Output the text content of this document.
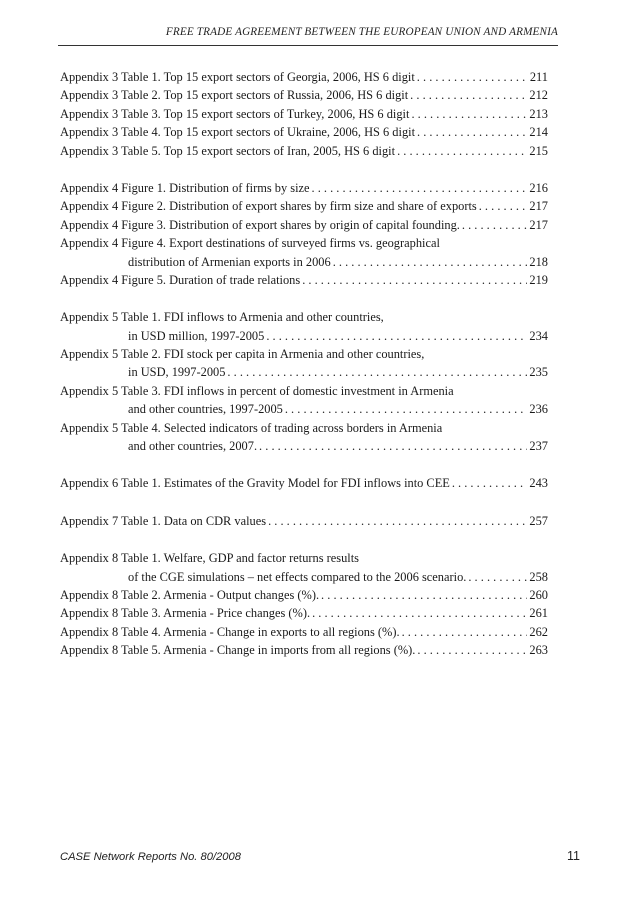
FREE TRADE AGREEMENT BETWEEN THE EUROPEAN UNION AND ARMENIA
Appendix 3 Table 1. Top 15 export sectors of Georgia, 2006, HS 6 digit . . .	211
Appendix 3 Table 2. Top 15 export sectors of Russia, 2006, HS 6 digit . . .	212
Appendix 3 Table 3. Top 15 export sectors of Turkey, 2006, HS 6 digit . . .	213
Appendix 3 Table 4. Top 15 export sectors of Ukraine, 2006, HS 6 digit . . .	214
Appendix 3 Table 5. Top 15 export sectors of Iran, 2005, HS 6 digit . . .	215
Appendix 4 Figure 1. Distribution of firms by size . . .	216
Appendix 4 Figure 2. Distribution of export shares by firm size and share of exports . . .	217
Appendix 4 Figure 3. Distribution of export shares by origin of capital founding. . . .	217
Appendix 4 Figure 4. Export destinations of surveyed firms vs. geographical
distribution of Armenian exports in 2006 . . .	218
Appendix 4 Figure 5. Duration of trade relations . . .	219
Appendix 5 Table 1. FDI inflows to Armenia and other countries,
in USD million, 1997-2005 . . .	234
Appendix 5 Table 2. FDI stock per capita in Armenia and other countries,
in USD, 1997-2005 . . .	235
Appendix 5 Table 3. FDI inflows in percent of domestic investment in Armenia
and other countries, 1997-2005 . . .	236
Appendix 5 Table 4. Selected indicators of trading across borders in Armenia
and other countries, 2007. . . .	237
Appendix 6 Table 1. Estimates of the Gravity Model for FDI inflows into CEE . . .	243
Appendix 7 Table 1. Data on CDR values . . .	257
Appendix 8 Table 1. Welfare, GDP and factor returns results
of the CGE simulations – net effects compared to the 2006 scenario. . . .	258
Appendix 8 Table 2. Armenia - Output changes (%). . . .	260
Appendix 8 Table 3. Armenia - Price changes (%). . . .	261
Appendix 8 Table 4. Armenia - Change in exports to all regions (%). . . .	262
Appendix 8 Table 5. Armenia - Change in imports from all regions (%). . . .	263
CASE Network Reports No. 80/2008	11
